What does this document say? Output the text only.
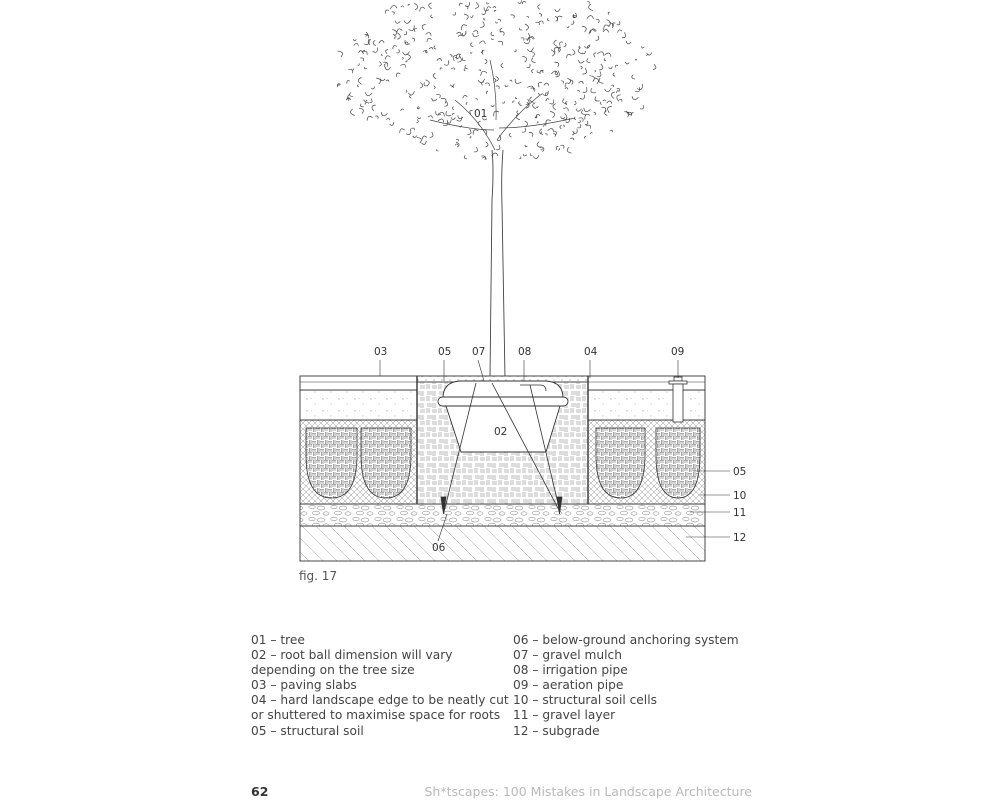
01
02
03	05 07	08	04	09
05
10
11
12
06
fig. 17
01 – tree
02 – root ball dimension will vary
depending on the tree size
03 – paving slabs
04 – hard landscape edge to be neatly cut
or shuttered to maximise space for roots
05 – structural soil
06 – below-ground anchoring system
07 – gravel mulch
08 – irrigation pipe
09 – aeration pipe
10 – structural soil cells
11 – gravel layer
12 – subgrade
62	Sh*tscapes: 100 Mistakes in Landscape Architecture
